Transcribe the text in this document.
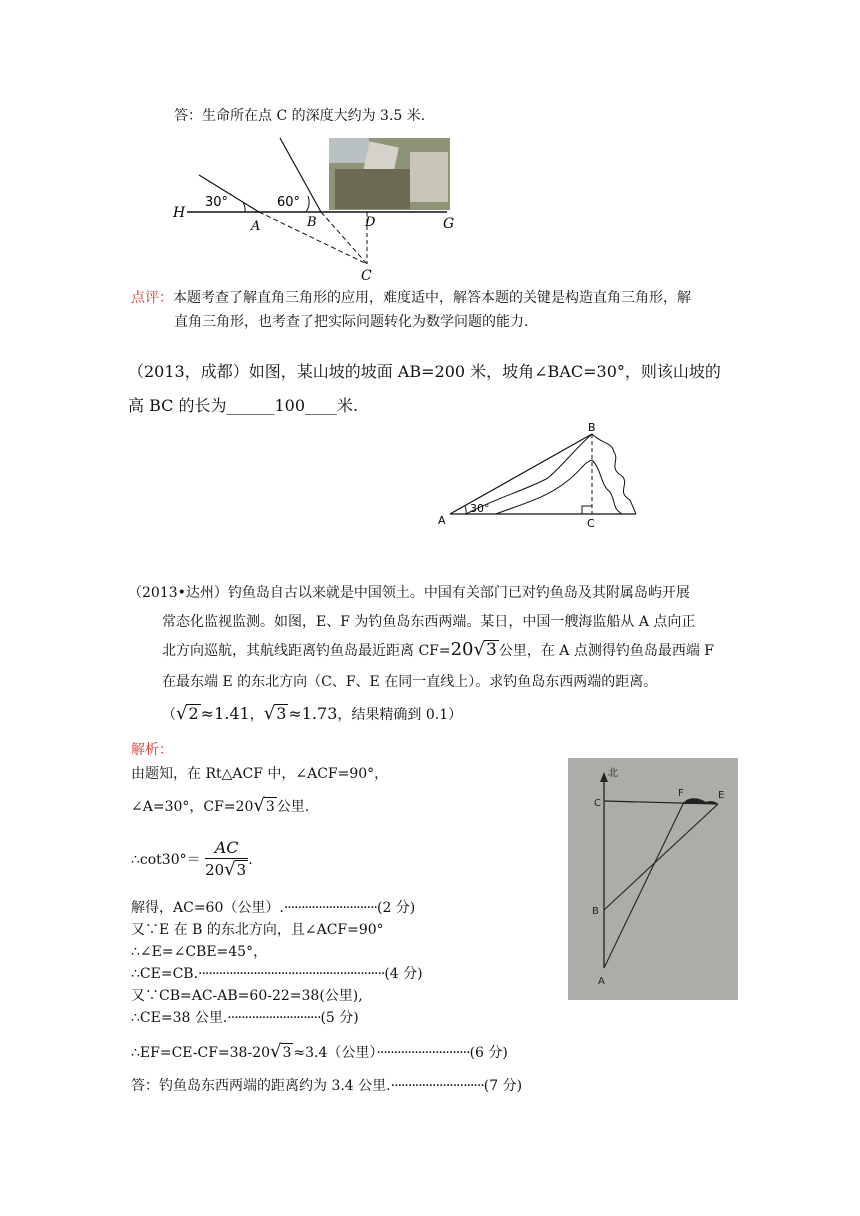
答：生命所在点 C 的深度大约为 3.5 米.
H
30°	60°
A	B	D	G
C
点评：本题考查了解直角三角形的应用，难度适中，解答本题的关键是构造直角三角形，解
直角三角形，也考查了把实际问题转化为数学问题的能力.
（2013，成都）如图，某山坡的坡面 AB=200 米，坡角∠BAC=30°，则该山坡的
高 BC 的长为______100____米.
A
B
C
30°
（2013•达州）钓鱼岛自古以来就是中国领土。中国有关部门已对钓鱼岛及其附属岛屿开展
常态化监视监测。如图，E、F 为钓鱼岛东西两端。某日，中国一艘海监船从 A 点向正
北方向巡航，其航线距离钓鱼岛最近距离 CF=20√3 公里，在 A 点测得钓鱼岛最西端 F
在最东端 E 的东北方向（C、F、E 在同一直线上）。求钓鱼岛东西两端的距离。
（√2 ≈1.41，√3 ≈1.73，结果精确到 0.1）
解析：
由题知，在 Rt△ACF 中，∠ACF=90°，
∠A=30°，CF=20√3 公里.
∴cot30°＝ $\frac{AC}{20√3}$ .
解得，AC=60（公里）.···························(2 分)
又∵E 在 B 的东北方向，且∠ACF=90°
∴∠E=∠CBE=45°，
∴CE=CB.······················································(4 分)
又∵CB=AC-AB=60-22=38(公里),
∴CE=38 公里.···························(5 分)
∴EF=CE-CF=38-20√3 ≈3.4（公里）···························(6 分)
答：钓鱼岛东西两端的距离约为 3.4 公里.···························(7 分)
北
C
F	E
B
A
